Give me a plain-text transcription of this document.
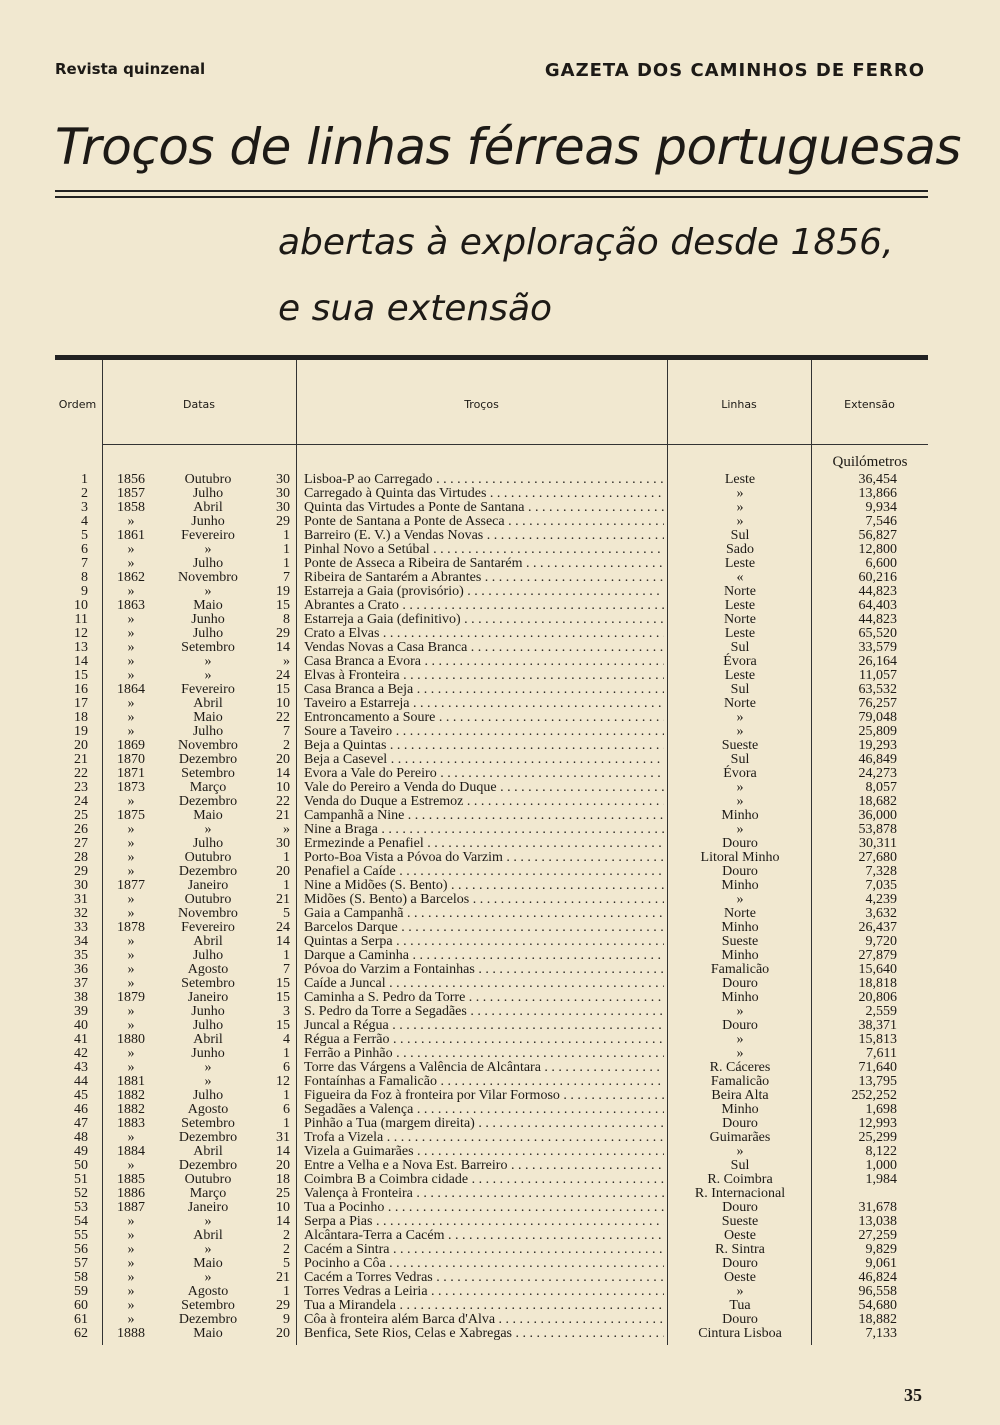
Revista quinzenal	GAZETA DOS CAMINHOS DE FERRO
Troços de linhas férreas portuguesas
abertas à exploração desde 1856,
e sua extensão
Ordem	Datas	Troços	Linhas	Extensão
Quilómetros
1	1856	Outubro	30 Lisboa-P ao Carregado . . .	Leste	36,454
2	1857	Julho	30 Carregado à Quinta das Virtudes . . .	»	13,866
3	1858	Abril	30 Quinta das Virtudes a Ponte de Santana . . .	»	9,934
4	»	Junho	29 Ponte de Santana a Ponte de Asseca . . .	»	7,546
5	1861	Fevereiro	1 Barreiro (E. V.) a Vendas Novas . . .	Sul	56,827
6	»	»	1 Pinhal Novo a Setúbal . . .	Sado	12,800
7	»	Julho	1 Ponte de Asseca a Ribeira de Santarém . . .	Leste	6,600
8	1862	Novembro	7 Ribeira de Santarém a Abrantes . . .	«	60,216
9	»	»	19 Estarreja a Gaia (provisório) . . .	Norte	44,823
10	1863	Maio	15 Abrantes a Crato . . .	Leste	64,403
11	»	Junho	8 Estarreja a Gaia (definitivo) . . .	Norte	44,823
12	»	Julho	29 Crato a Elvas . . .	Leste	65,520
13	»	Setembro	14 Vendas Novas a Casa Branca . . .	Sul	33,579
14	»	»	» Casa Branca a Évora . . .	Évora	26,164
15	»	»	24 Elvas à Fronteira . . .	Leste	11,057
16	1864	Fevereiro	15 Casa Branca a Beja . . .	Sul	63,532
17	»	Abril	10 Taveiro a Estarreja . . .	Norte	76,257
18	»	Maio	22 Entroncamento a Soure . . .	»	79,048
19	»	Julho	7 Soure a Taveiro . . .	»	25,809
20	1869	Novembro	2 Beja a Quintas . . .	Sueste	19,293
21	1870	Dezembro	20 Beja a Casevel . . .	Sul	46,849
22	1871	Setembro	14 Évora a Vale do Pereiro . . .	Évora	24,273
23	1873	Março	10 Vale do Pereiro a Venda do Duque . . .	»	8,057
24	»	Dezembro	22 Venda do Duque a Estremoz . . .	»	18,682
25	1875	Maio	21 Campanhã a Nine . . .	Minho	36,000
26	»	»	» Nine a Braga . . .	»	53,878
27	»	Julho	30 Ermezinde a Penafiel . . .	Douro	30,311
28	»	Outubro	1 Porto-Boa Vista a Póvoa do Varzim . . .	Litoral Minho	27,680
29	»	Dezembro	20 Penafiel a Caíde . . .	Douro	7,328
30	1877	Janeiro	1 Nine a Midões (S. Bento) . . .	Minho	7,035
31	»	Outubro	21 Midões (S. Bento) a Barcelos . . .	»	4,239
32	»	Novembro	5 Gaia a Campanhã . . .	Norte	3,632
33	1878	Fevereiro	24 Barcelos Darque . . .	Minho	26,437
34	»	Abril	14 Quintas a Serpa . . .	Sueste	9,720
35	»	Julho	1 Darque a Caminha . . .	Minho	27,879
36	»	Agosto	7 Póvoa do Varzim a Fontainhas . . .	Famalicão	15,640
37	»	Setembro	15 Caíde a Juncal . . .	Douro	18,818
38	1879	Janeiro	15 Caminha a S. Pedro da Torre . . .	Minho	20,806
39	»	Junho	3 S. Pedro da Torre a Segadães . . .	»	2,559
40	»	Julho	15 Juncal a Régua . . .	Douro	38,371
41	1880	Abril	4 Régua a Ferrão . . .	»	15,813
42	»	Junho	1 Ferrão a Pinhão . . .	»	7,611
43	»	»	6 Torre das Várgens a Valência de Alcântara . . .	R. Cáceres	71,640
44	1881	»	12 Fontaínhas a Famalicão . . .	Famalicão	13,795
45	1882	Julho	1 Figueira da Foz à fronteira por Vilar Formoso . . .	Beira Alta	252,252
46	1882	Agosto	6 Segadães a Valença . . .	Minho	1,698
47	1883	Setembro	1 Pinhão a Tua (margem direita) . . .	Douro	12,993
48	»	Dezembro	31 Trofa a Vizela . . .	Guimarães	25,299
49	1884	Abril	14 Vizela a Guimarães . . .	»	8,122
50	»	Dezembro	20 Entre a Velha e a Nova Est. Barreiro . . .	Sul	1,000
51	1885	Outubro	18 Coimbra B a Coimbra cidade . . .	R. Coimbra	1,984
52	1886	Março	25 Valença à Fronteira . . .	R. Internacional
53	1887	Janeiro	10 Tua a Pocinho . . .	Douro	31,678
54	»	»	14 Serpa a Pias . . .	Sueste	13,038
55	»	Abril	2 Alcântara-Terra a Cacém . . .	Oeste	27,259
56	»	»	2 Cacém a Sintra . . .	R. Sintra	9,829
57	»	Maio	5 Pocinho a Côa . . .	Douro	9,061
58	»	»	21 Cacém a Torres Vedras . . .	Oeste	46,824
59	»	Agosto	1 Torres Vedras a Leiria . . .	»	96,558
60	»	Setembro	29 Tua a Mirandela . . .	Tua	54,680
61	»	Dezembro	9 Côa à fronteira além Barca d'Alva . . .	Douro	18,882
62	1888	Maio	20 Benfica, Sete Rios, Celas e Xabregas . . .	Cintura Lisboa	7,133
35
